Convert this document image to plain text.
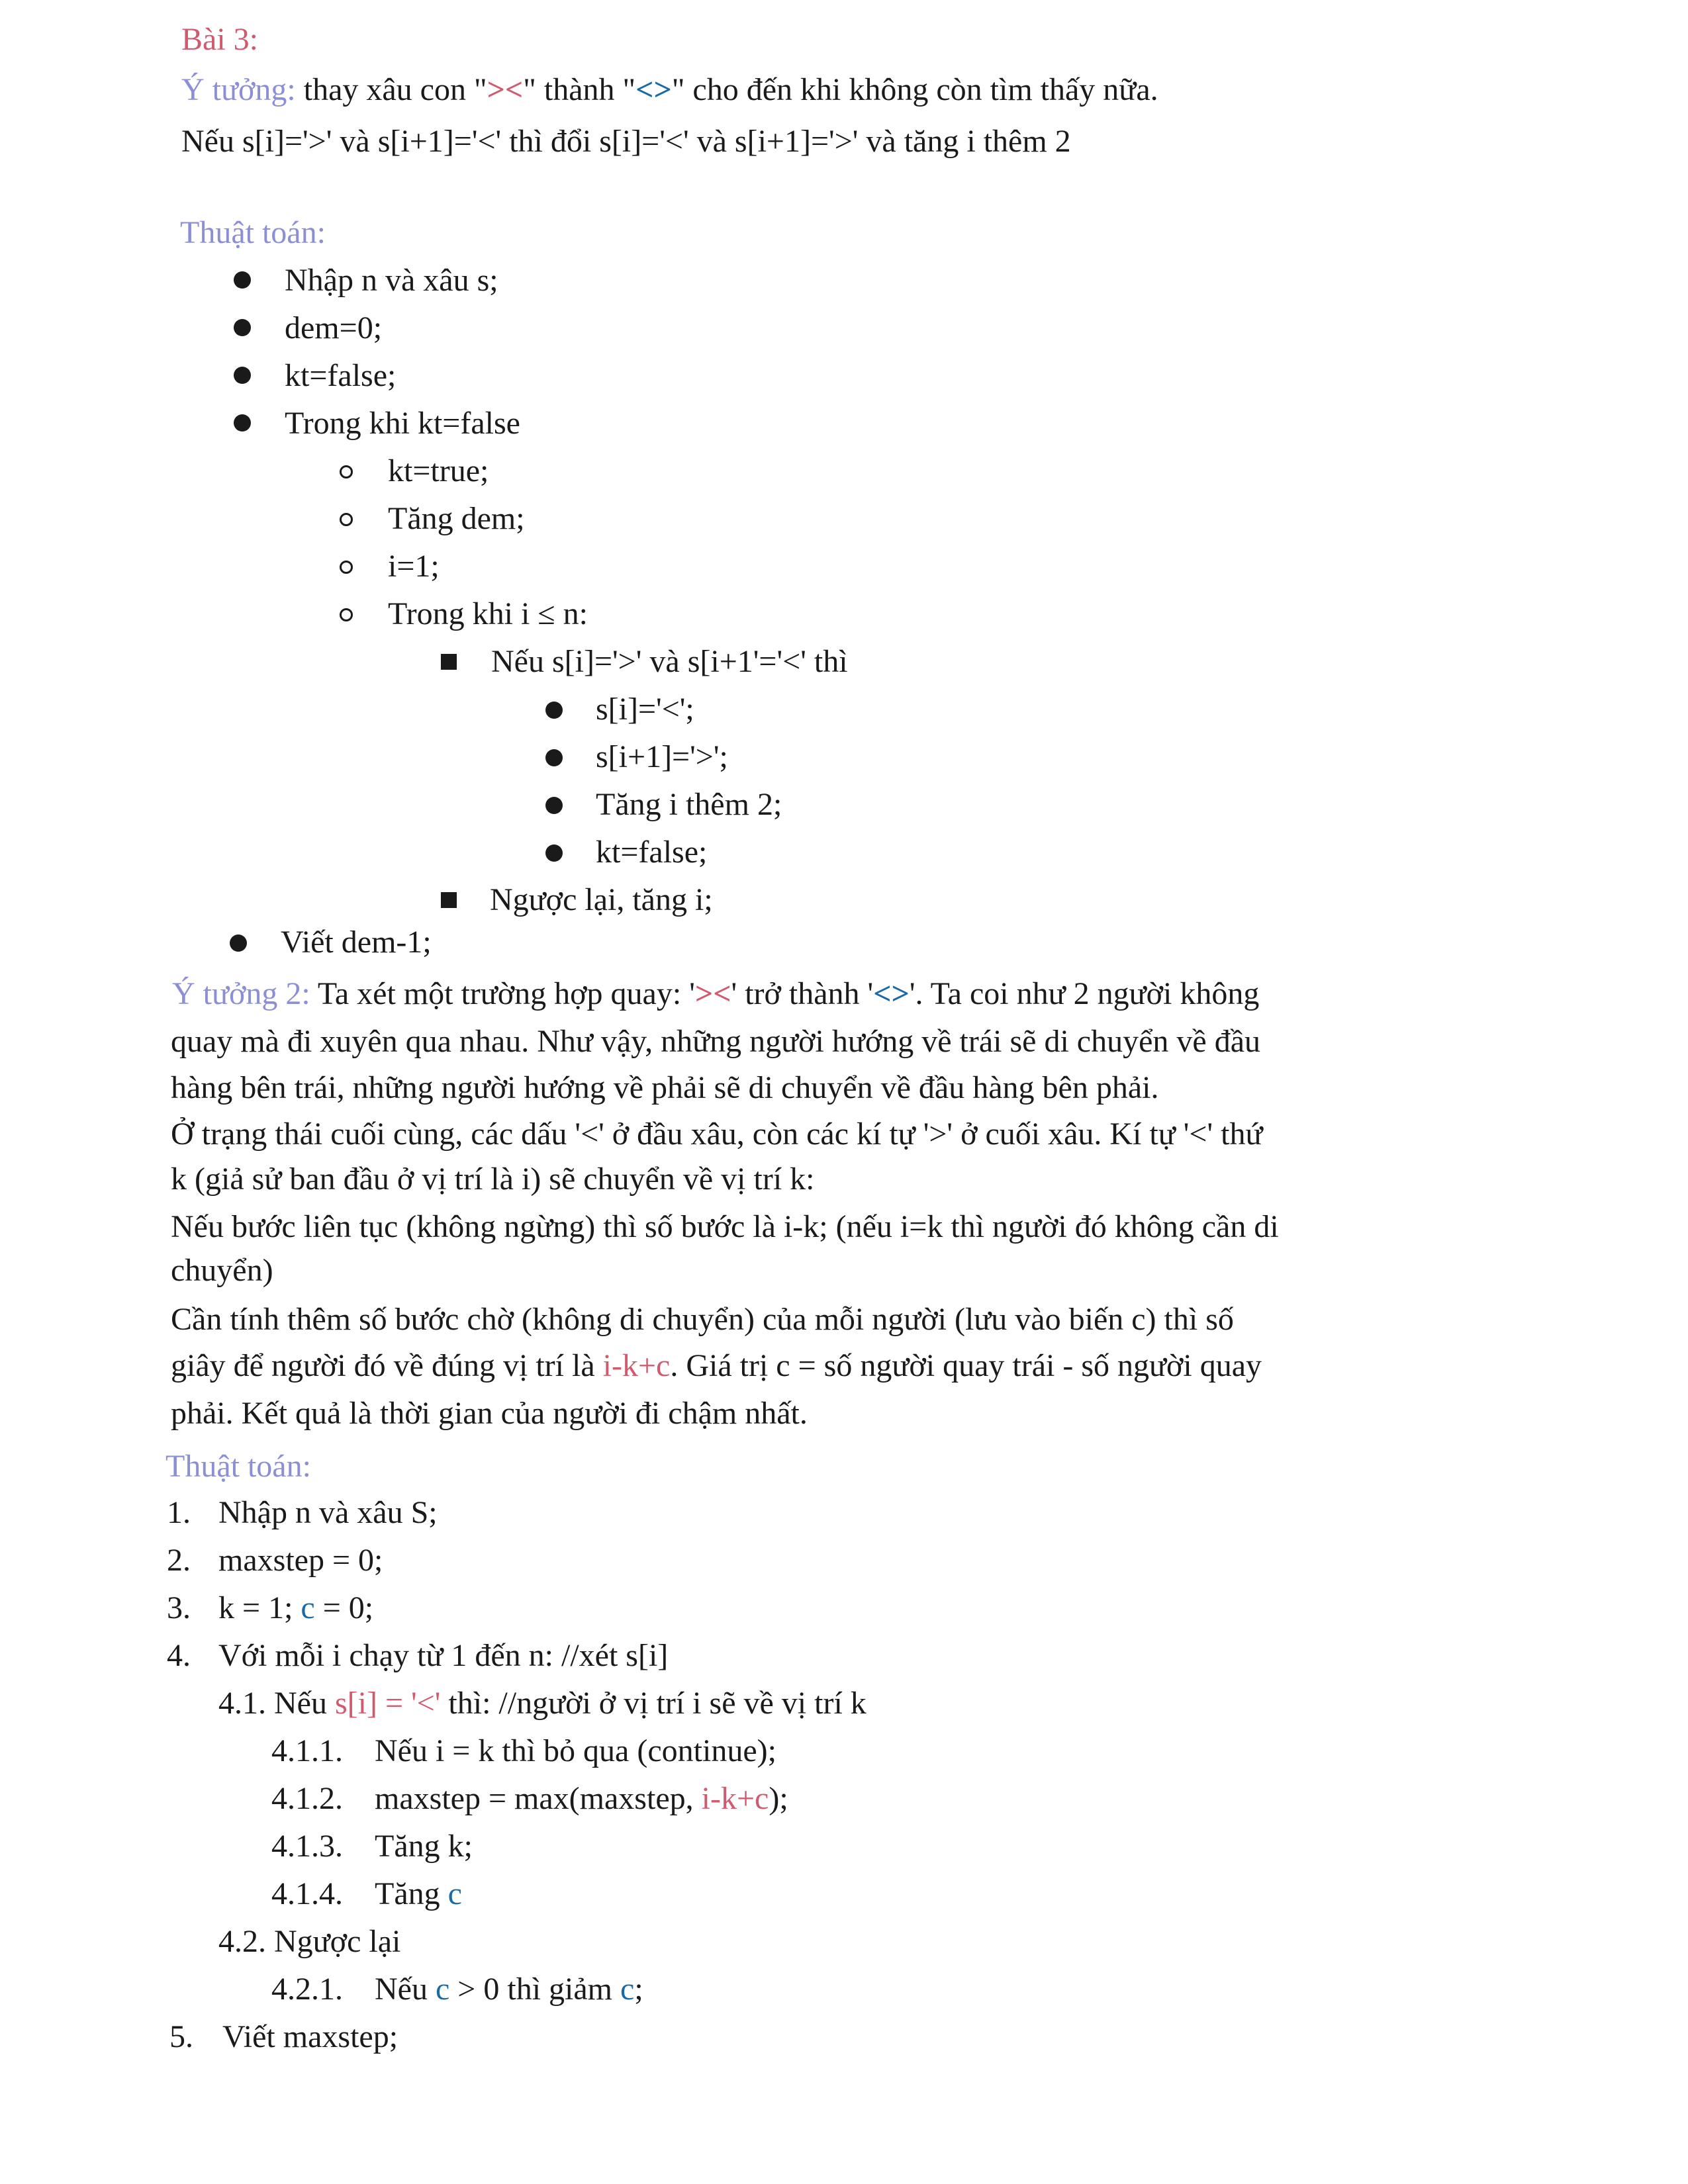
Bài 3:
Ý tưởng: thay xâu con "><" thành "<>" cho đến khi không còn tìm thấy nữa.
Nếu s[i]='>' và s[i+1]='<' thì đổi s[i]='<' và s[i+1]='>' và tăng i thêm 2
Thuật toán:
Nhập n và xâu s;
dem=0;
kt=false;
Trong khi kt=false
kt=true;
Tăng dem;
i=1;
Trong khi i ≤ n:
Nếu s[i]='>' và s[i+1'='<' thì
s[i]='<';
s[i+1]='>';
Tăng i thêm 2;
kt=false;
Ngược lại, tăng i;
Viết dem-1;
Ý tưởng 2: Ta xét một trường hợp quay: '><' trở thành '<>'. Ta coi như 2 người không
quay mà đi xuyên qua nhau. Như vậy, những người hướng về trái sẽ di chuyển về đầu
hàng bên trái, những người hướng về phải sẽ di chuyển về đầu hàng bên phải.
Ở trạng thái cuối cùng, các dấu '<' ở đầu xâu, còn các kí tự '>' ở cuối xâu. Kí tự '<' thứ
k (giả sử ban đầu ở vị trí là i) sẽ chuyển về vị trí k:
Nếu bước liên tục (không ngừng) thì số bước là i-k; (nếu i=k thì người đó không cần di
chuyển)
Cần tính thêm số bước chờ (không di chuyển) của mỗi người (lưu vào biến c) thì số
giây để người đó về đúng vị trí là i-k+c. Giá trị c = số người quay trái - số người quay
phải. Kết quả là thời gian của người đi chậm nhất.
Thuật toán:
1. Nhập n và xâu S;
2. maxstep = 0;
3. k = 1; c = 0;
4. Với mỗi i chạy từ 1 đến n: //xét s[i]
4.1. Nếu s[i] = '<' thì: //người ở vị trí i sẽ về vị trí k
4.1.1. Nếu i = k thì bỏ qua (continue);
4.1.2. maxstep = max(maxstep, i-k+c);
4.1.3. Tăng k;
4.1.4. Tăng c
4.2. Ngược lại
4.2.1. Nếu c > 0 thì giảm c;
5. Viết maxstep;
